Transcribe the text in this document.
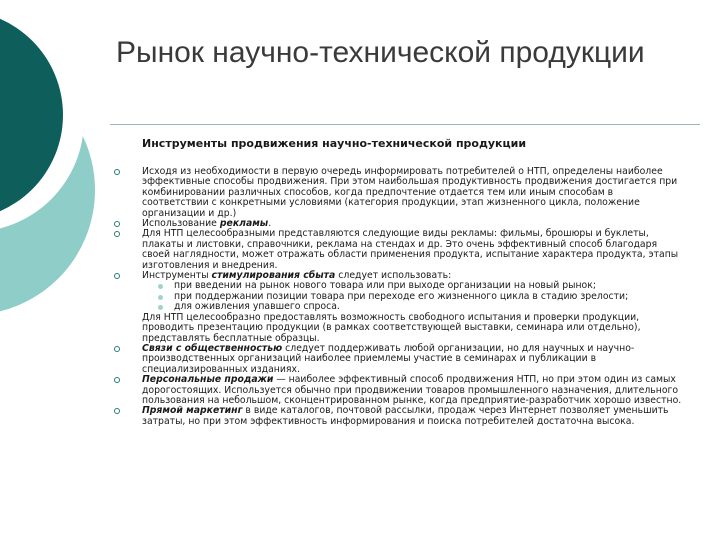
Рынок научно-технической продукции
Инструменты продвижения научно-технической продукции

Исходя из необходимости в первую очередь информировать потребителей о НТП, определены наиболее эффективные способы продвижения. При этом наибольшая продуктивность продвижения достигается при комбинировании различных способов, когда предпочтение отдается тем или иным способам в соответствии с конкретными условиями (категория продукции, этап жизненного цикла, положение организации и др.)

Использование рекламы.

Для НТП целесообразными представляются следующие виды рекламы: фильмы, брошюры и буклеты, плакаты и листовки, справочники, реклама на стендах и др. Это очень эффективный способ благодаря своей наглядности, может отражать области применения продукта, испытание характера продукта, этапы изготовления и внедрения.

Инструменты стимулирования сбыта следует использовать:

при введении на рынок нового товара или при выходе организации на новый рынок;

при поддержании позиции товара при переходе его жизненного цикла в стадию зрелости;

для оживления упавшего спроса.

Для НТП целесообразно предоставлять возможность свободного испытания и проверки продукции, проводить презентацию продукции (в рамках соответствующей выставки, семинара или отдельно), представлять бесплатные образцы.

Связи с общественностью следует поддерживать любой организации, но для научных и научно-производственных организаций наиболее приемлемы участие в семинарах и публикации в специализированных изданиях.

Персональные продажи — наиболее эффективный способ продвижения НТП, но при этом один из самых дорогостоящих. Используется обычно при продвижении товаров промышленного назначения, длительного пользования на небольшом, сконцентрированном рынке, когда предприятие-разработчик хорошо известно.

Прямой маркетинг в виде каталогов, почтовой рассылки, продаж через Интернет позволяет уменьшить затраты, но при этом эффективность информирования и поиска потребителей достаточна высока.
